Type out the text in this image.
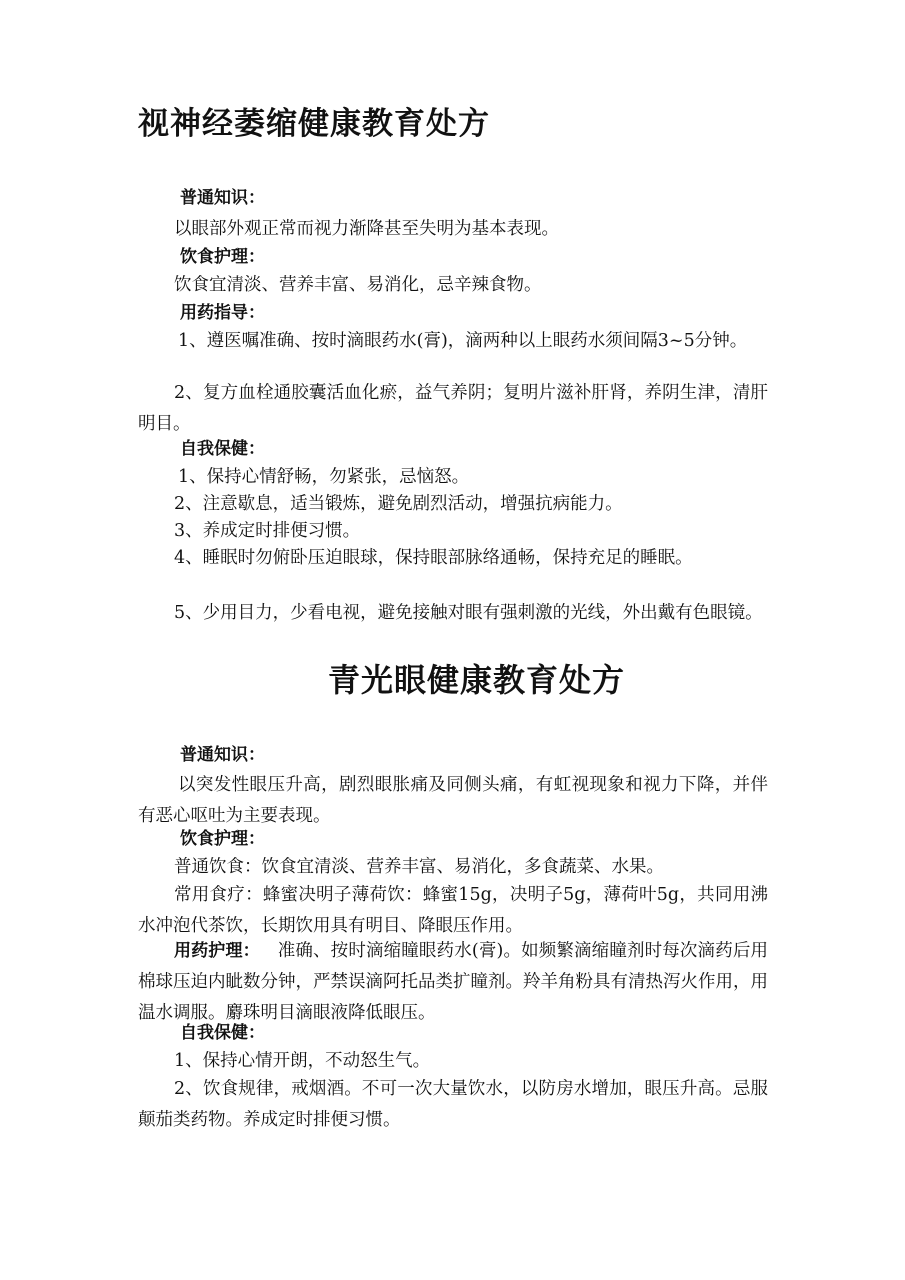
视神经萎缩健康教育处方

普通知识：

以眼部外观正常而视力渐降甚至失明为基本表现。

饮食护理：

饮食宜清淡、营养丰富、易消化，忌辛辣食物。

用药指导：

1、遵医嘱准确、按时滴眼药水(膏)，滴两种以上眼药水须间隔3~5分钟。

2、复方血栓通胶囊活血化瘀，益气养阴；复明片滋补肝肾，养阴生津，清肝明目。

自我保健：

1、保持心情舒畅，勿紧张，忌恼怒。

2、注意歇息，适当锻炼，避免剧烈活动，增强抗病能力。

3、养成定时排便习惯。

4、睡眠时勿俯卧压迫眼球，保持眼部脉络通畅，保持充足的睡眠。

5、少用目力，少看电视，避免接触对眼有强刺激的光线，外出戴有色眼镜。

青光眼健康教育处方

普通知识：

以突发性眼压升高，剧烈眼胀痛及同侧头痛，有虹视现象和视力下降，并伴有恶心呕吐为主要表现。

饮食护理：

普通饮食：饮食宜清淡、营养丰富、易消化，多食蔬菜、水果。

常用食疗：蜂蜜决明子薄荷饮：蜂蜜15g，决明子5g，薄荷叶5g，共同用沸水冲泡代茶饮，长期饮用具有明目、降眼压作用。

用药护理： 准确、按时滴缩瞳眼药水(膏)。如频繁滴缩瞳剂时每次滴药后用棉球压迫内眦数分钟，严禁误滴阿托品类扩瞳剂。羚羊角粉具有清热泻火作用，用温水调服。麝珠明目滴眼液降低眼压。

自我保健：

1、保持心情开朗，不动怒生气。

2、饮食规律，戒烟酒。不可一次大量饮水，以防房水增加，眼压升高。忌服颠茄类药物。养成定时排便习惯。
